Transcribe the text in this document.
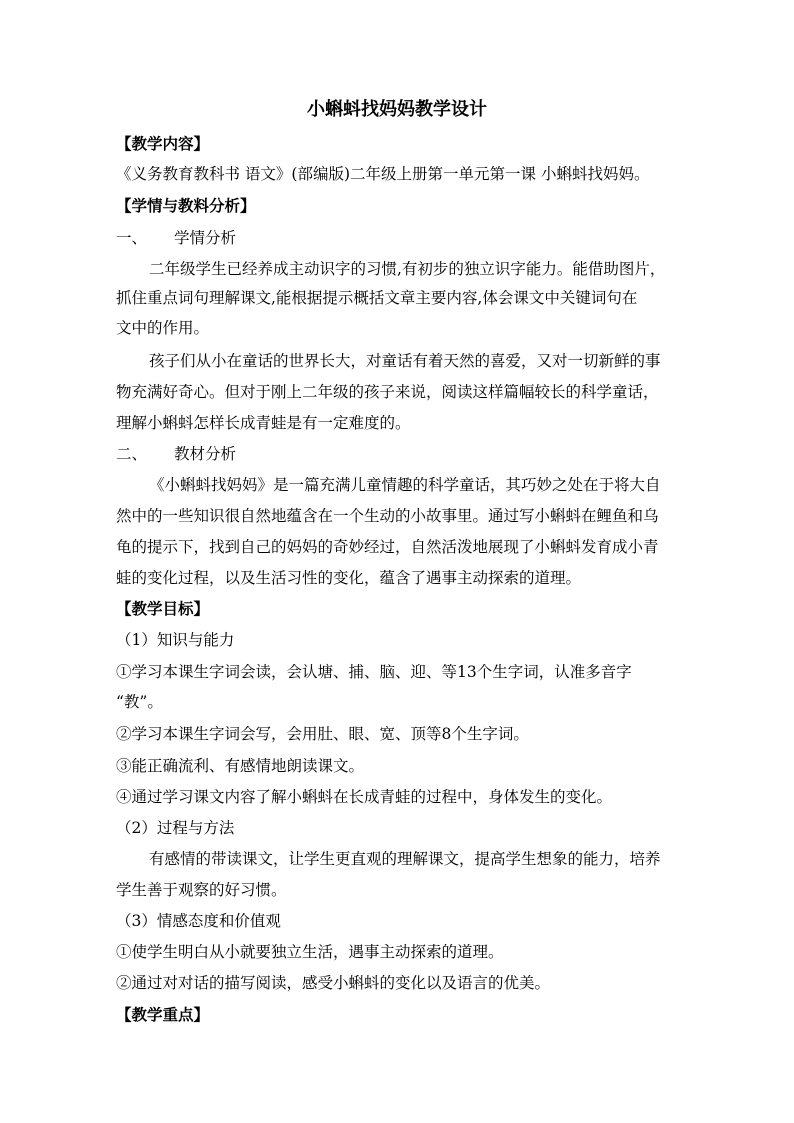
小蝌蚪找妈妈教学设计
【教学内容】
《义务教育教科书 语文》(部编版)二年级上册第一单元第一课 小蝌蚪找妈妈。
【学情与教料分析】
一、 学情分析
二年级学生已经养成主动识字的习惯,有初步的独立识字能力。能借助图片，
抓住重点词句理解课文,能根据提示概括文章主要内容,体会课文中关键词句在
文中的作用。
孩子们从小在童话的世界长大，对童话有着天然的喜爱，又对一切新鲜的事
物充满好奇心。但对于刚上二年级的孩子来说，阅读这样篇幅较长的科学童话，
理解小蝌蚪怎样长成青蛙是有一定难度的。
二、 教材分析
《小蝌蚪找妈妈》是一篇充满儿童情趣的科学童话，其巧妙之处在于将大自
然中的一些知识很自然地蕴含在一个生动的小故事里。通过写小蝌蚪在鲤鱼和乌
龟的提示下，找到自己的妈妈的奇妙经过，自然活泼地展现了小蝌蚪发育成小青
蛙的变化过程，以及生活习性的变化，蕴含了遇事主动探索的道理。
【教学目标】
（1）知识与能力
①学习本课生字词会读，会认塘、捕、脑、迎、等13个生字词，认准多音字
“教”。
②学习本课生字词会写，会用肚、眼、宽、顶等8个生字词。
③能正确流利、有感情地朗读课文。
④通过学习课文内容了解小蝌蚪在长成青蛙的过程中，身体发生的变化。
（2）过程与方法
有感情的带读课文，让学生更直观的理解课文，提高学生想象的能力，培养
学生善于观察的好习惯。
（3）情感态度和价值观
①使学生明白从小就要独立生活，遇事主动探索的道理。
②通过对对话的描写阅读，感受小蝌蚪的变化以及语言的优美。
【教学重点】
